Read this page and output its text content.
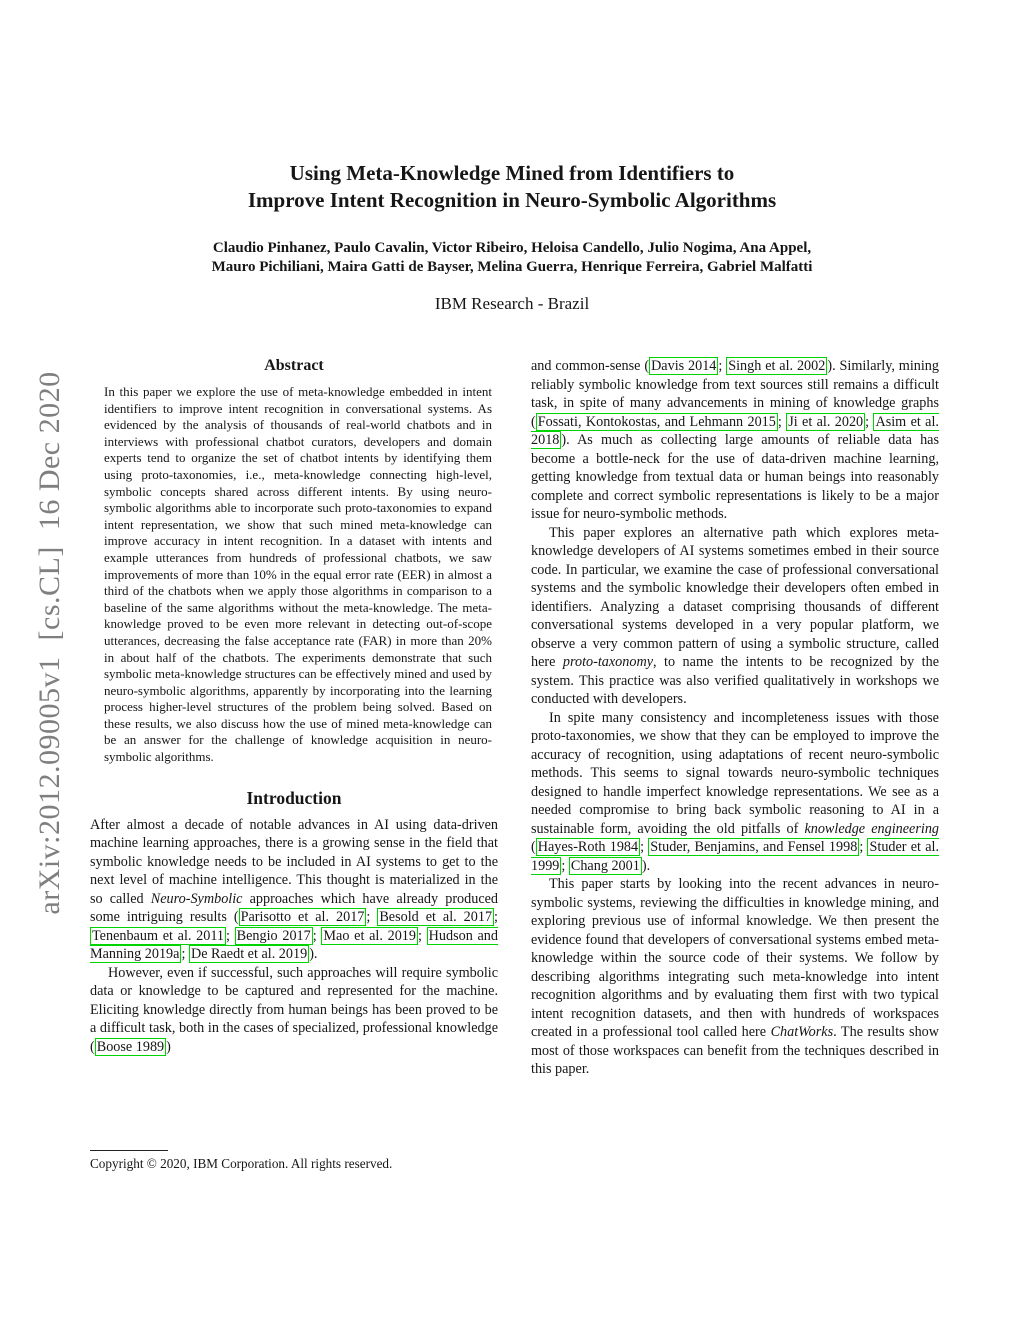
arXiv:2012.09005v1  [cs.CL]  16 Dec 2020
Using Meta-Knowledge Mined from Identifiers to
Improve Intent Recognition in Neuro-Symbolic Algorithms
Claudio Pinhanez, Paulo Cavalin, Victor Ribeiro, Heloisa Candello, Julio Nogima, Ana Appel,
Mauro Pichiliani, Maira Gatti de Bayser, Melina Guerra, Henrique Ferreira, Gabriel Malfatti
IBM Research - Brazil
Abstract

In this paper we explore the use of meta-knowledge embedded in intent identifiers to improve intent recognition in conversational systems. As evidenced by the analysis of thousands of real-world chatbots and in interviews with professional chatbot curators, developers and domain experts tend to organize the set of chatbot intents by identifying them using proto-taxonomies, i.e., meta-knowledge connecting high-level, symbolic concepts shared across different intents. By using neuro-symbolic algorithms able to incorporate such proto-taxonomies to expand intent representation, we show that such mined meta-knowledge can improve accuracy in intent recognition. In a dataset with intents and example utterances from hundreds of professional chatbots, we saw improvements of more than 10% in the equal error rate (EER) in almost a third of the chatbots when we apply those algorithms in comparison to a baseline of the same algorithms without the meta-knowledge. The meta-knowledge proved to be even more relevant in detecting out-of-scope utterances, decreasing the false acceptance rate (FAR) in more than 20% in about half of the chatbots. The experiments demonstrate that such symbolic meta-knowledge structures can be effectively mined and used by neuro-symbolic algorithms, apparently by incorporating into the learning process higher-level structures of the problem being solved. Based on these results, we also discuss how the use of mined meta-knowledge can be an answer for the challenge of knowledge acquisition in neuro-symbolic algorithms.

Introduction

After almost a decade of notable advances in AI using data-driven machine learning approaches, there is a growing sense in the field that symbolic knowledge needs to be included in AI systems to get to the next level of machine intelligence. This thought is materialized in the so called Neuro-Symbolic approaches which have already produced some intriguing results ( Parisotto et al. 2017 ; Besold et al. 2017 ; Tenenbaum et al. 2011 ; Bengio 2017 ; Mao et al. 2019 ; Hudson and Manning 2019a ; De Raedt et al. 2019 ).

However, even if successful, such approaches will require symbolic data or knowledge to be captured and represented for the machine. Eliciting knowledge directly from human beings has been proved to be a difficult task, both in the cases of specialized, professional knowledge ( Boose 1989 )

and common-sense ( Davis 2014 ; Singh et al. 2002 ). Similarly, mining reliably symbolic knowledge from text sources still remains a difficult task, in spite of many advancements in mining of knowledge graphs ( Fossati, Kontokostas, and Lehmann 2015 ; Ji et al. 2020 ; Asim et al. 2018 ). As much as collecting large amounts of reliable data has become a bottle-neck for the use of data-driven machine learning, getting knowledge from textual data or human beings into reasonably complete and correct symbolic representations is likely to be a major issue for neuro-symbolic methods.

This paper explores an alternative path which explores meta-knowledge developers of AI systems sometimes embed in their source code. In particular, we examine the case of professional conversational systems and the symbolic knowledge their developers often embed in identifiers. Analyzing a dataset comprising thousands of different conversational systems developed in a very popular platform, we observe a very common pattern of using a symbolic structure, called here proto-taxonomy, to name the intents to be recognized by the system. This practice was also verified qualitatively in workshops we conducted with developers.

In spite many consistency and incompleteness issues with those proto-taxonomies, we show that they can be employed to improve the accuracy of recognition, using adaptations of recent neuro-symbolic methods. This seems to signal towards neuro-symbolic techniques designed to handle imperfect knowledge representations. We see as a needed compromise to bring back symbolic reasoning to AI in a sustainable form, avoiding the old pitfalls of knowledge engineering ( Hayes-Roth 1984 ; Studer, Benjamins, and Fensel 1998 ; Studer et al. 1999 ; Chang 2001 ).

This paper starts by looking into the recent advances in neuro-symbolic systems, reviewing the difficulties in knowledge mining, and exploring previous use of informal knowledge. We then present the evidence found that developers of conversational systems embed meta-knowledge within the source code of their systems. We follow by describing algorithms integrating such meta-knowledge into intent recognition algorithms and by evaluating them first with two typical intent recognition datasets, and then with hundreds of workspaces created in a professional tool called here ChatWorks. The results show most of those workspaces can benefit from the techniques described in this paper.

Copyright © 2020, IBM Corporation. All rights reserved.
